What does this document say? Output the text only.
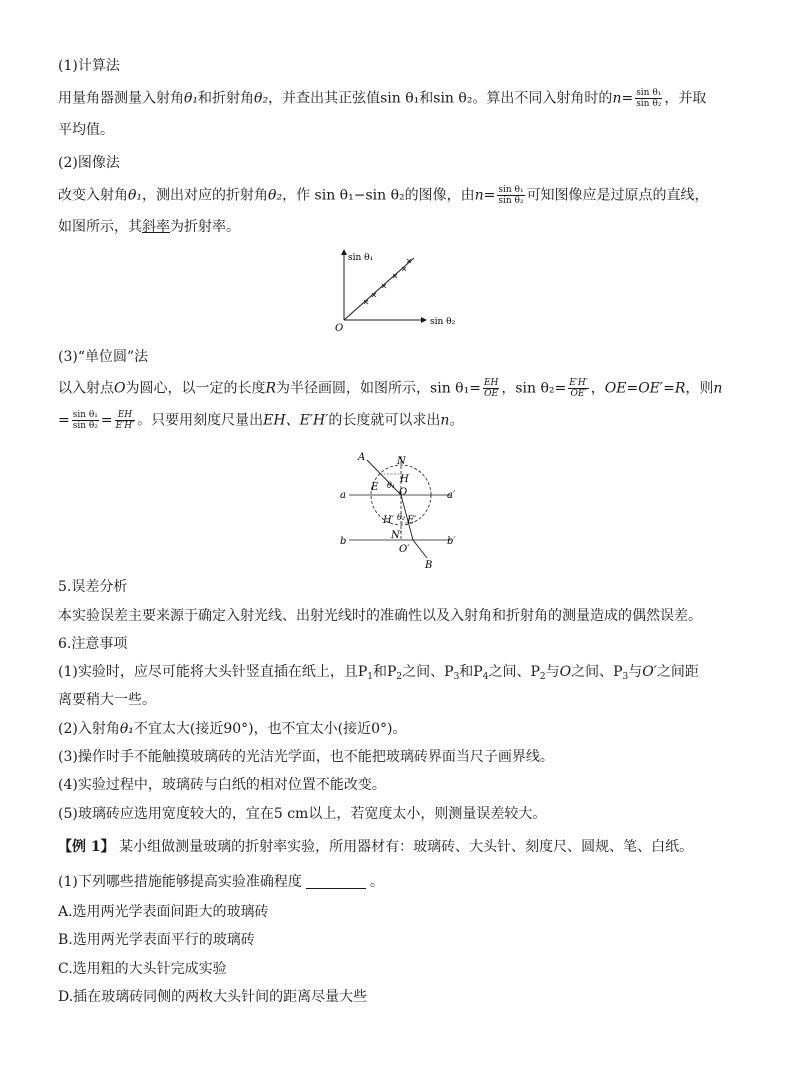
(1)计算法
用量角器测量入射角θ₁和折射角θ₂，并查出其正弦值sin θ₁和sin θ₂。算出不同入射角时的$n= \frac{\text{sin θ₁}}{\text{sin θ₂}}$ ，并取
平均值。
(2)图像法
改变入射角θ₁，测出对应的折射角θ₂，作 sin θ₁−sin θ₂的图像，由$n= \frac{\text{sin θ₁}}{\text{sin θ₂}}$ 可知图像应是过原点的直线，
如图所示，其斜率为折射率。
sin θ₁
sin θ₂
O
(3)“单位圆”法
以入射点O为圆心，以一定的长度R为半径画圆，如图所示，$\sin \theta_1= \frac{EH}{OE}$ ，$\sin \theta_2= \frac{E'H'}{OE'}$ ，OE=OE′=R，则n
= $\frac{\text{sin θ₁}}{\text{sin θ₂}} = \frac{EH}{E'H'}$ 。只要用刻度尺量出EH、E′H′的长度就可以求出n。
A	N
H
E θ₁
O
a	a′
H′ θ₂ E′
N′
b	b′
O′
B
5.误差分析
本实验误差主要来源于确定入射光线、出射光线时的准确性以及入射角和折射角的测量造成的偶然误差。
6.注意事项
(1)实验时，应尽可能将大头针竖直插在纸上，且$P_1$和$P_2$之间、$P_3$和$P_4$之间、$P_2$与O之间、$P_3$与O′之间距
离要稍大一些。
(2)入射角θ₁不宜太大(接近90°)，也不宜太小(接近0°)。
(3)操作时手不能触摸玻璃砖的光洁光学面，也不能把玻璃砖界面当尺子画界线。
(4)实验过程中，玻璃砖与白纸的相对位置不能改变。
(5)玻璃砖应选用宽度较大的，宜在5 cm以上，若宽度太小，则测量误差较大。
【例 1】 某小组做测量玻璃的折射率实验，所用器材有：玻璃砖、大头针、刻度尺、圆规、笔、白纸。
(1)下列哪些措施能够提高实验准确程度	。
A.选用两光学表面间距大的玻璃砖
B.选用两光学表面平行的玻璃砖
C.选用粗的大头针完成实验
D.插在玻璃砖同侧的两枚大头针间的距离尽量大些
